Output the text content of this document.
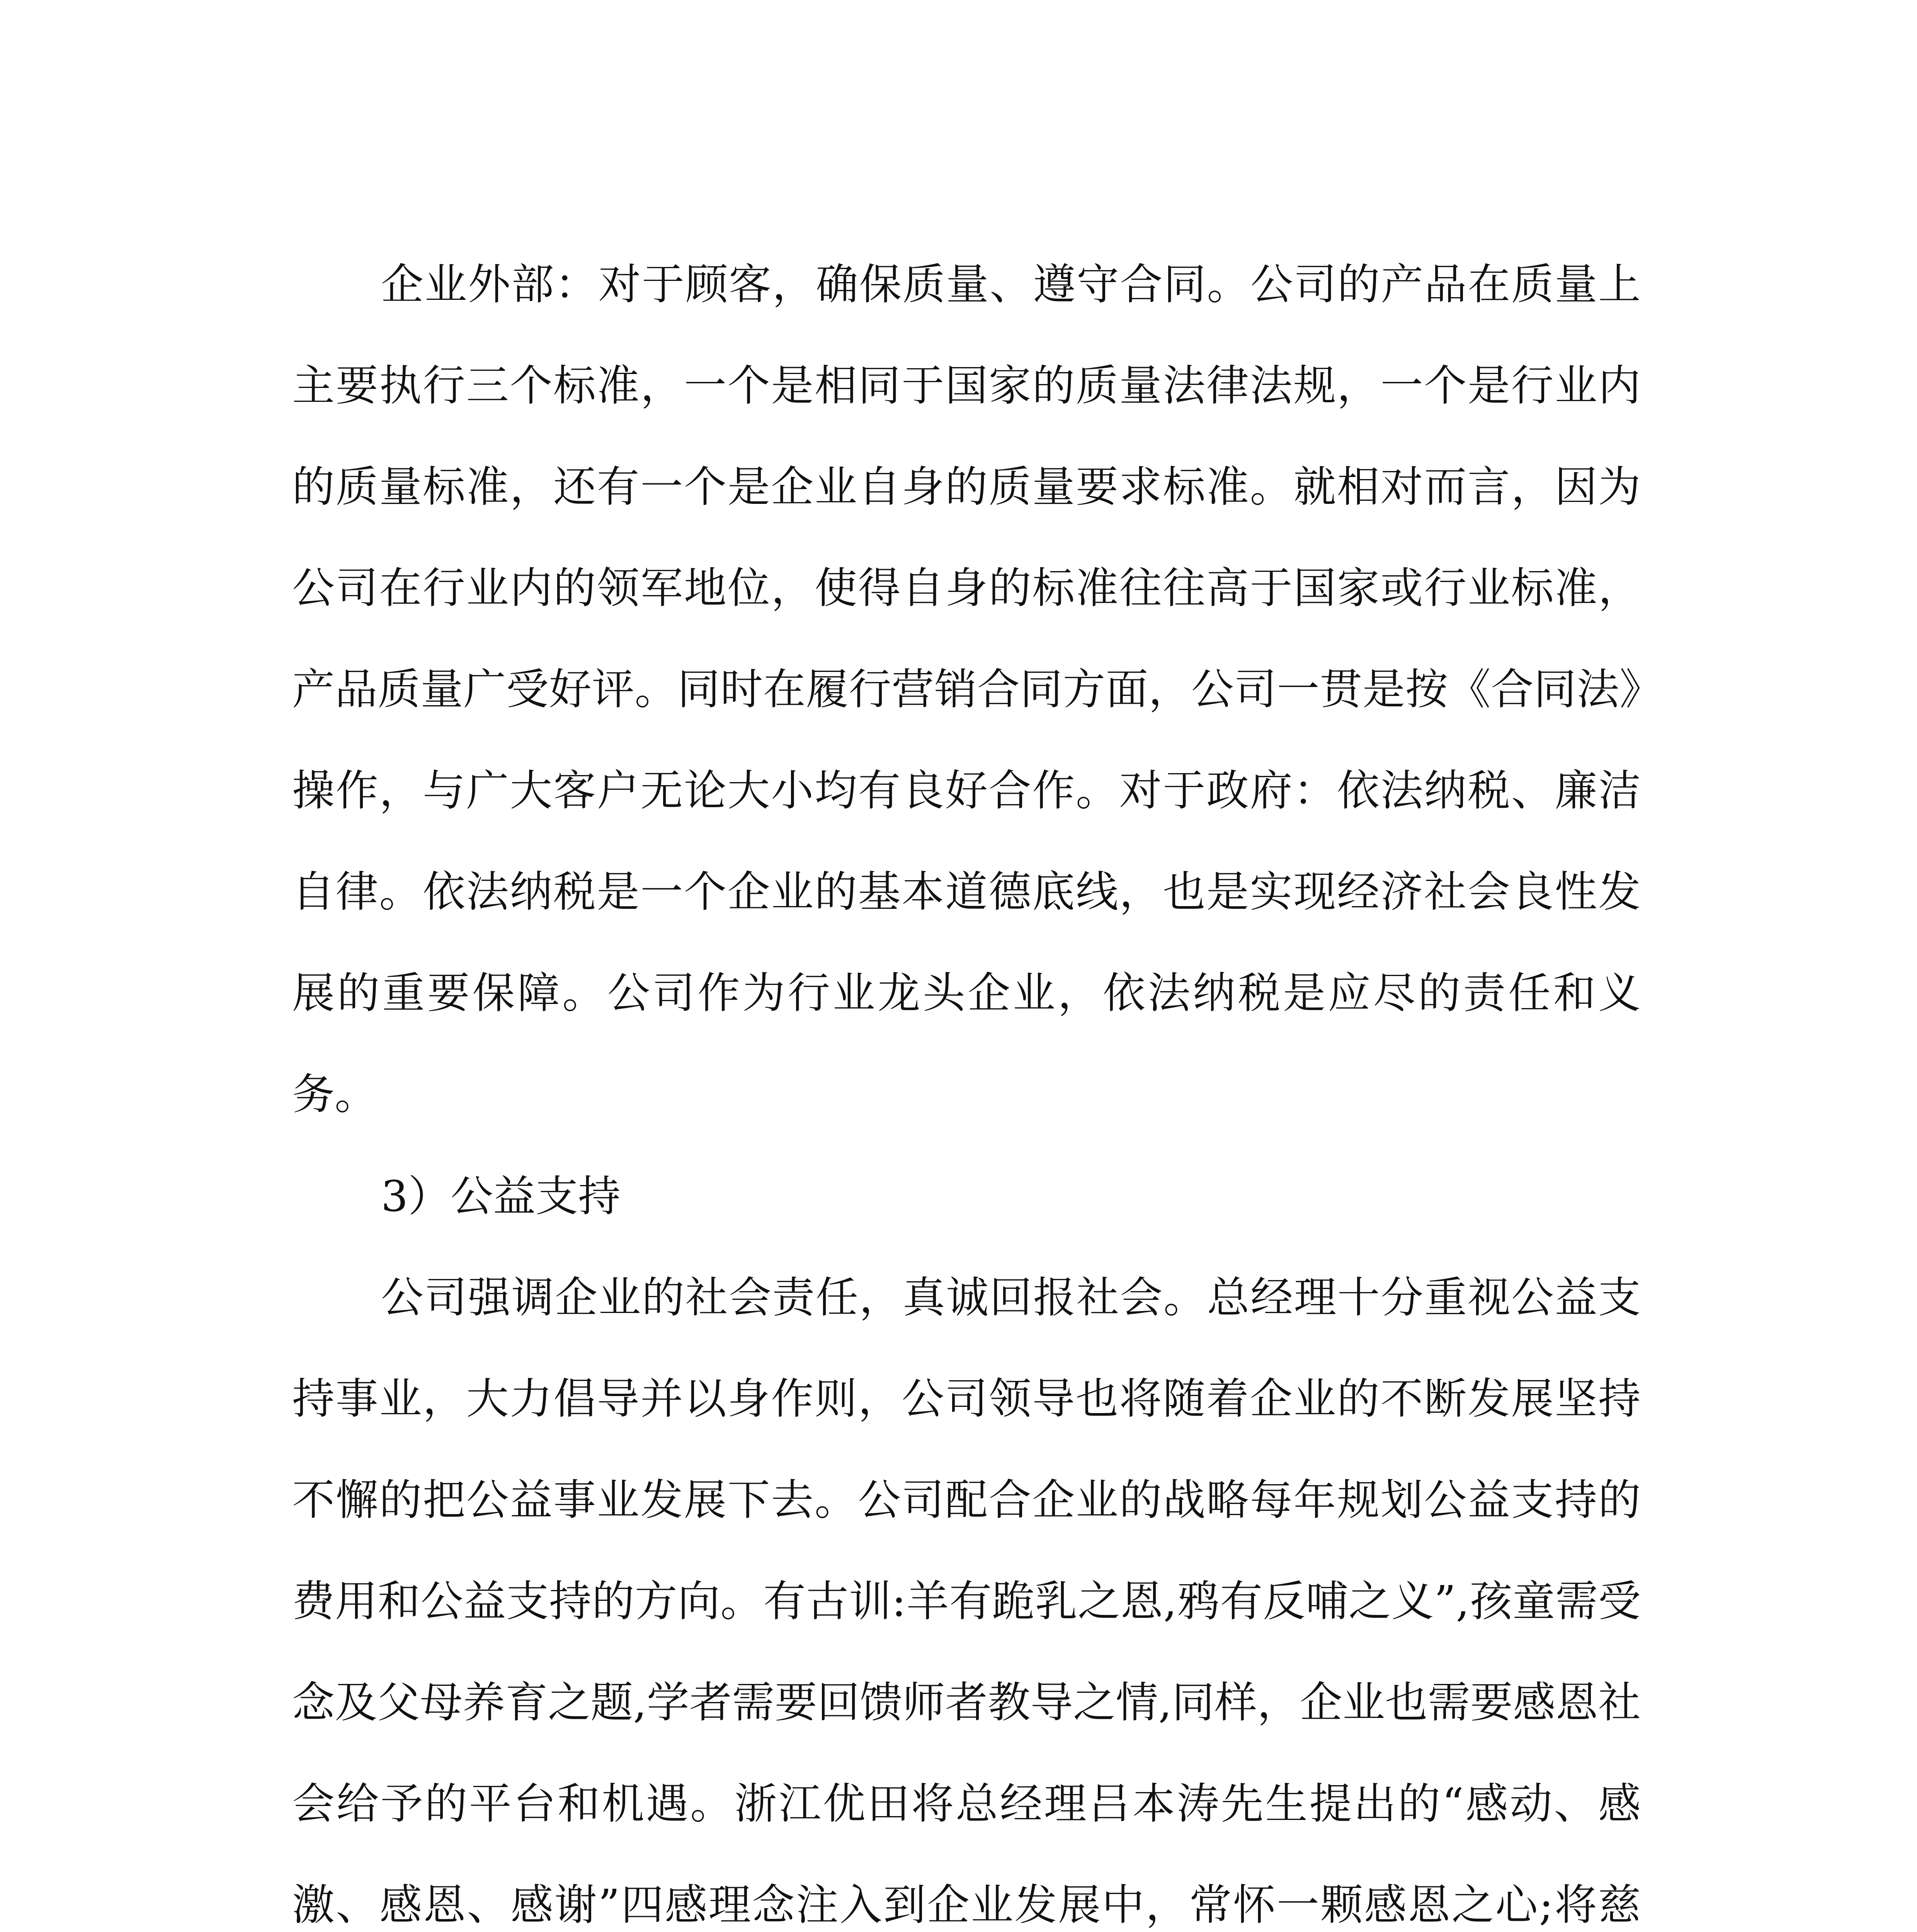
企业外部：对于顾客，确保质量、遵守合同。公司的产品在质量上主要执行三个标准，一个是相同于国家的质量法律法规，一个是行业内的质量标准，还有一个是企业自身的质量要求标准。就相对而言，因为公司在行业内的领军地位，使得自身的标准往往高于国家或行业标准，产品质量广受好评。同时在履行营销合同方面，公司一贯是按《合同法》操作，与广大客户无论大小均有良好合作。对于政府：依法纳税、廉洁自律。依法纳税是一个企业的基本道德底线，也是实现经济社会良性发展的重要保障。公司作为行业龙头企业，依法纳税是应尽的责任和义务。
3）公益支持
公司强调企业的社会责任，真诚回报社会。总经理十分重视公益支持事业，大力倡导并以身作则，公司领导也将随着企业的不断发展坚持不懈的把公益事业发展下去。公司配合企业的战略每年规划公益支持的费用和公益支持的方向。有古训:羊有跪乳之恩,鸦有反哺之义”,孩童需受念及父母养育之题,学者需要回馈师者教导之情,同样，企业也需要感恩社会给予的平台和机遇。浙江优田将总经理吕本涛先生提出的“感动、感激、感恩、感谢”四感理念注入到企业发展中，常怀一颗感恩之心;将慈
